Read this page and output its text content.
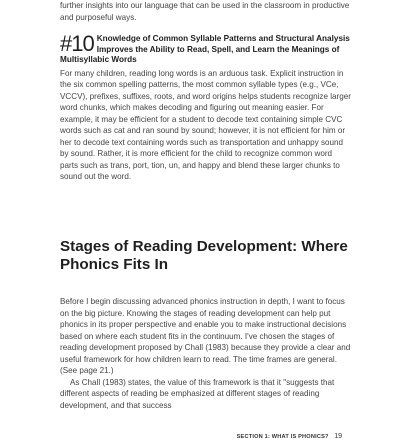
further insights into our language that can be used in the classroom in productive and purposeful ways.

#10 Knowledge of Common Syllable Patterns and Structural Analysis Improves the Ability to Read, Spell, and Learn the Meanings of Multisyllabic Words

For many children, reading long words is an arduous task. Explicit instruction in the six common spelling patterns, the most common syllable types (e.g., VCe, VCCV), prefixes, suffixes, roots, and word origins helps students recognize larger word chunks, which makes decoding and figuring out meaning easier. For example, it may be efficient for a student to decode text containing simple CVC words such as cat and ran sound by sound; however, it is not efficient for him or her to decode text containing words such as transportation and unhappy sound by sound. Rather, it is more efficient for the child to recognize common word parts such as trans, port, tion, un, and happy and blend these larger chunks to sound out the word.

Stages of Reading Development: Where Phonics Fits In

Before I begin discussing advanced phonics instruction in depth, I want to focus on the big picture. Knowing the stages of reading development can help put phonics in its proper perspective and enable you to make instructional decisions based on where each student fits in the continuum. I've chosen the stages of reading development proposed by Chall (1983) because they provide a clear and useful framework for how children learn to read. The time frames are general. (See page 21.)

As Chall (1983) states, the value of this framework is that it "suggests that different aspects of reading be emphasized at different stages of reading development, and that success

SECTION 1: WHAT IS PHONICS? 19
